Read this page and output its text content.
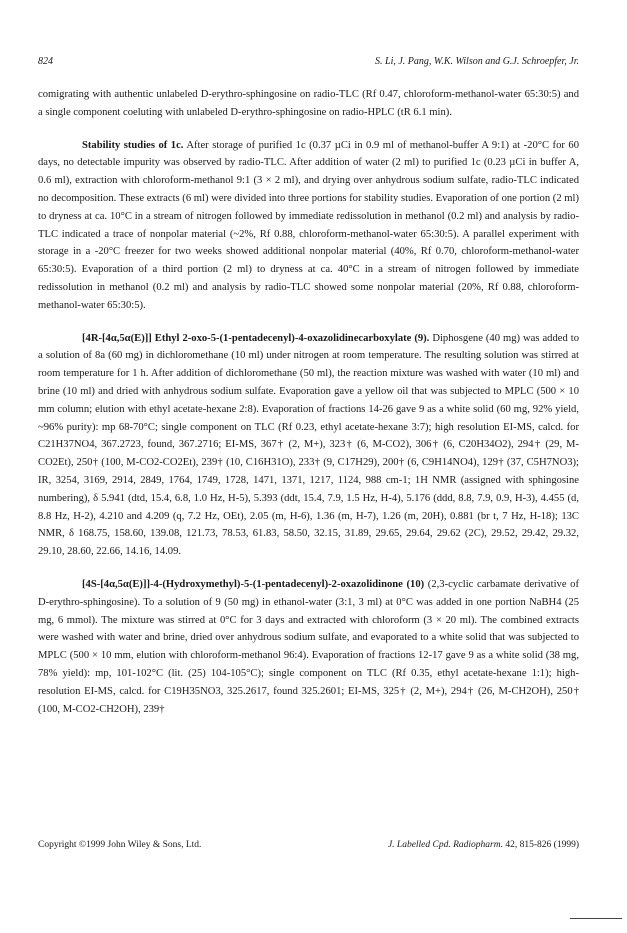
824	S. Li, J. Pang, W.K. Wilson and G.J. Schroepfer, Jr.

comigrating with authentic unlabeled D-erythro-sphingosine on radio-TLC (Rf 0.47, chloroform-methanol-water 65:30:5) and a single component coeluting with unlabeled D-erythro-sphingosine on radio-HPLC (tR 6.1 min).

Stability studies of 1c. After storage of purified 1c (0.37 µCi in 0.9 ml of methanol-buffer A 9:1) at -20°C for 60 days, no detectable impurity was observed by radio-TLC. After addition of water (2 ml) to purified 1c (0.23 µCi in buffer A, 0.6 ml), extraction with chloroform-methanol 9:1 (3 × 2 ml), and drying over anhydrous sodium sulfate, radio-TLC indicated no decomposition. These extracts (6 ml) were divided into three portions for stability studies. Evaporation of one portion (2 ml) to dryness at ca. 10°C in a stream of nitrogen followed by immediate redissolution in methanol (0.2 ml) and analysis by radio-TLC indicated a trace of nonpolar material (~2%, Rf 0.88, chloroform-methanol-water 65:30:5). A parallel experiment with storage in a -20°C freezer for two weeks showed additional nonpolar material (40%, Rf 0.70, chloroform-methanol-water 65:30:5). Evaporation of a third portion (2 ml) to dryness at ca. 40°C in a stream of nitrogen followed by immediate redissolution in methanol (0.2 ml) and analysis by radio-TLC showed some nonpolar material (20%, Rf 0.88, chloroform-methanol-water 65:30:5).

[4R-[4α,5α(E)]] Ethyl 2-oxo-5-(1-pentadecenyl)-4-oxazolidinecarboxylate (9). Diphosgene (40 mg) was added to a solution of 8a (60 mg) in dichloromethane (10 ml) under nitrogen at room temperature. The resulting solution was stirred at room temperature for 1 h. After addition of dichloromethane (50 ml), the reaction mixture was washed with water (10 ml) and brine (10 ml) and dried with anhydrous sodium sulfate. Evaporation gave a yellow oil that was subjected to MPLC (500 × 10 mm column; elution with ethyl acetate-hexane 2:8). Evaporation of fractions 14-26 gave 9 as a white solid (60 mg, 92% yield, ~96% purity): mp 68-70°C; single component on TLC (Rf 0.23, ethyl acetate-hexane 3:7); high resolution EI-MS, calcd. for C21H37NO4, 367.2723, found, 367.2716; EI-MS, 367† (2, M+), 323† (6, M-CO2), 306† (6, C20H34O2), 294† (29, M-CO2Et), 250† (100, M-CO2-CO2Et), 239† (10, C16H31O), 233† (9, C17H29), 200† (6, C9H14NO4), 129† (37, C5H7NO3); IR, 3254, 3169, 2914, 2849, 1764, 1749, 1728, 1471, 1371, 1217, 1124, 988 cm-1; 1H NMR (assigned with sphingosine numbering), δ 5.941 (dtd, 15.4, 6.8, 1.0 Hz, H-5), 5.393 (ddt, 15.4, 7.9, 1.5 Hz, H-4), 5.176 (ddd, 8.8, 7.9, 0.9, H-3), 4.455 (d, 8.8 Hz, H-2), 4.210 and 4.209 (q, 7.2 Hz, OEt), 2.05 (m, H-6), 1.36 (m, H-7), 1.26 (m, 20H), 0.881 (br t, 7 Hz, H-18); 13C NMR, δ 168.75, 158.60, 139.08, 121.73, 78.53, 61.83, 58.50, 32.15, 31.89, 29.65, 29.64, 29.62 (2C), 29.52, 29.42, 29.32, 29.10, 28.60, 22.66, 14.16, 14.09.

[4S-[4α,5α(E)]]-4-(Hydroxymethyl)-5-(1-pentadecenyl)-2-oxazolidinone (10) (2,3-cyclic carbamate derivative of D-erythro-sphingosine). To a solution of 9 (50 mg) in ethanol-water (3:1, 3 ml) at 0°C was added in one portion NaBH4 (25 mg, 6 mmol). The mixture was stirred at 0°C for 3 days and extracted with chloroform (3 × 20 ml). The combined extracts were washed with water and brine, dried over anhydrous sodium sulfate, and evaporated to a white solid that was subjected to MPLC (500 × 10 mm, elution with chloroform-methanol 96:4). Evaporation of fractions 12-17 gave 9 as a white solid (38 mg, 78% yield): mp, 101-102°C (lit. (25) 104-105°C); single component on TLC (Rf 0.35, ethyl acetate-hexane 1:1); high-resolution EI-MS, calcd. for C19H35NO3, 325.2617, found 325.2601; EI-MS, 325† (2, M+), 294† (26, M-CH2OH), 250† (100, M-CO2-CH2OH), 239†

Copyright ©1999 John Wiley & Sons, Ltd.	J. Labelled Cpd. Radiopharm. 42, 815-826 (1999)
